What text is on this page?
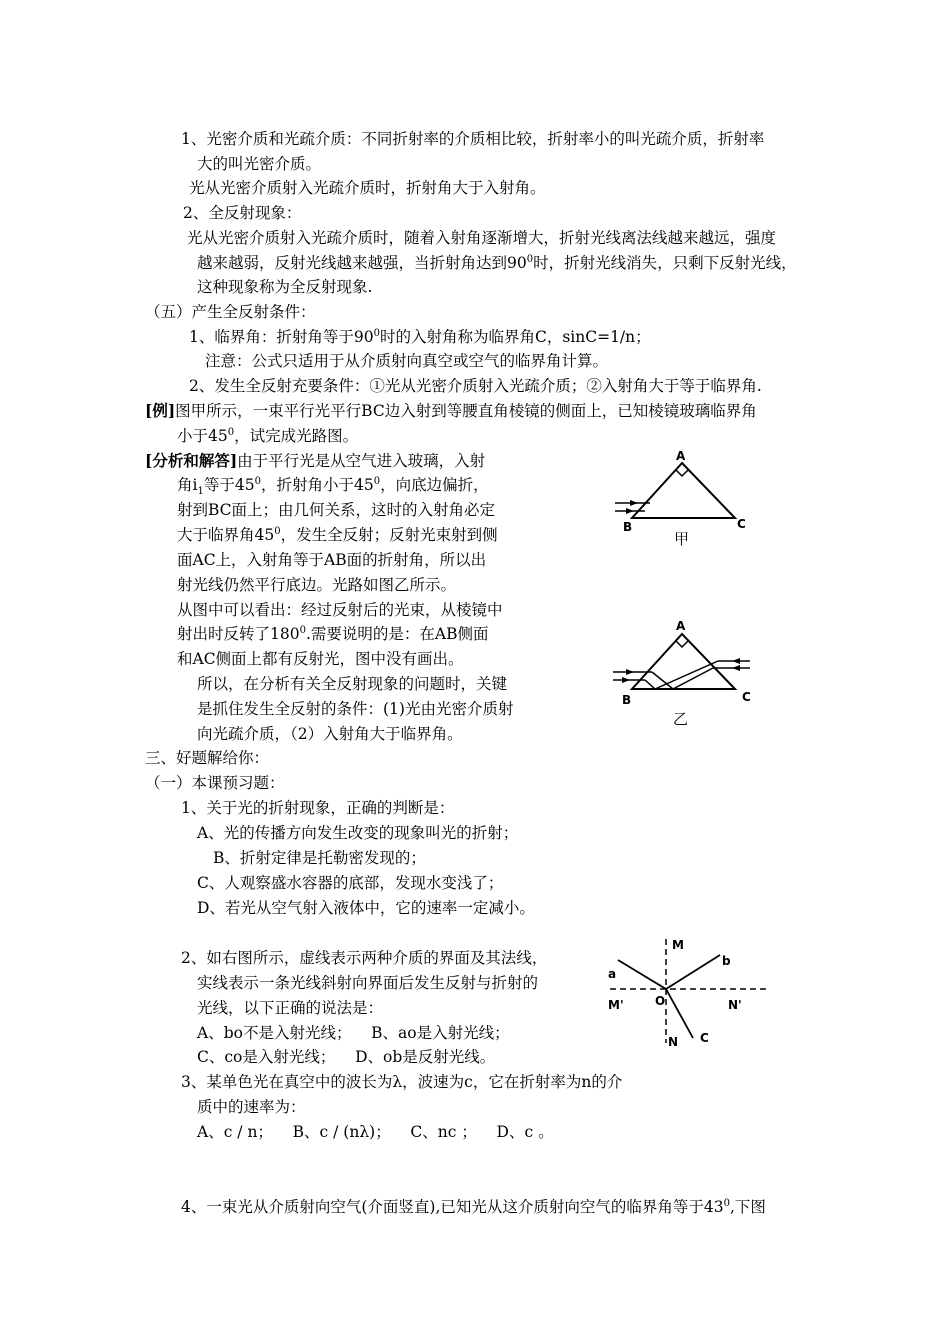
1、光密介质和光疏介质：不同折射率的介质相比较，折射率小的叫光疏介质，折射率
大的叫光密介质。
光从光密介质射入光疏介质时，折射角大于入射角。
2、全反射现象：
光从光密介质射入光疏介质时，随着入射角逐渐增大，折射光线离法线越来越远，强度
越来越弱，反射光线越来越强，当折射角达到$90^0$时，折射光线消失，只剩下反射光线，
这种现象称为全反射现象.
（五）产生全反射条件：
1、临界角：折射角等于$90^0$时的入射角称为临界角C，sinC=1/n；
注意：公式只适用于从介质射向真空或空气的临界角计算。
2、发生全反射充要条件：①光从光密介质射入光疏介质；②入射角大于等于临界角.
[例]图甲所示，一束平行光平行BC边入射到等腰直角棱镜的侧面上，已知棱镜玻璃临界角
小于$45^0$，试完成光路图。
[分析和解答]由于平行光是从空气进入玻璃，入射
角$i_1$等于$45^0$，折射角小于$45^0$，向底边偏折，
射到BC面上；由几何关系，这时的入射角必定
大于临界角$45^0$，发生全反射；反射光束射到侧
面AC上，入射角等于AB面的折射角，所以出
射光线仍然平行底边。光路如图乙所示。
从图中可以看出：经过反射后的光束，从棱镜中
射出时反转了$180^0$.需要说明的是：在AB侧面
和AC侧面上都有反射光，图中没有画出。
所以，在分析有关全反射现象的问题时，关键
是抓住发生全反射的条件：(1)光由光密介质射
向光疏介质，（2）入射角大于临界角。
三、好题解给你：
（一）本课预习题：
1、关于光的折射现象，正确的判断是：
A、光的传播方向发生改变的现象叫光的折射；
B、折射定律是托勒密发现的；
C、人观察盛水容器的底部，发现水变浅了；
D、若光从空气射入液体中，它的速率一定减小。
2、如右图所示，虚线表示两种介质的界面及其法线，
实线表示一条光线斜射向界面后发生反射与折射的
光线，以下正确的说法是：
A、bo不是入射光线；    B、ao是入射光线；
C、co是入射光线；    D、ob是反射光线。
3、某单色光在真空中的波长为λ，波速为c，它在折射率为n的介
质中的速率为：
A、c / n；    B、c / (nλ)；    C、nc ；    D、c 。
4、一束光从介质射向空气(介面竖直),已知光从这介质射向空气的临界角等于$43^0$,下图
A
B	C
甲
A
B	C
乙
M
a
b
M'	O	N'
N C
